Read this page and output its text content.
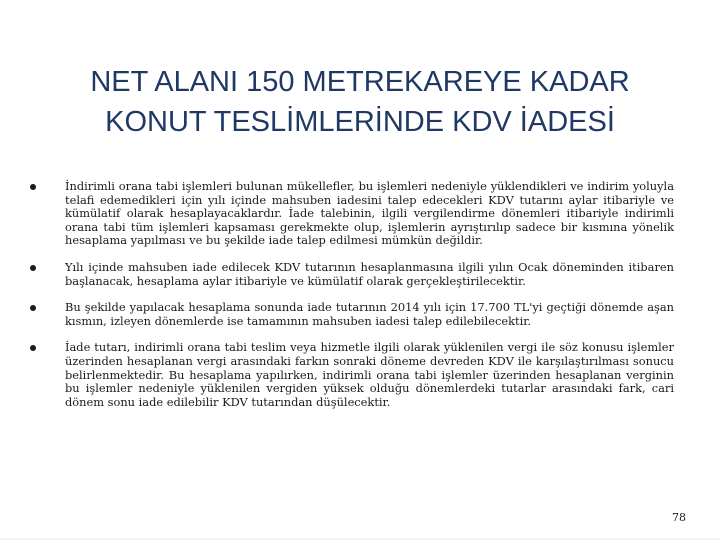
NET ALANI 150 METREKAREYE KADAR
KONUT TESLİMLERİNDE KDV İADESİ
İndirimli orana tabi işlemleri bulunan mükellefler, bu işlemleri nedeniyle yüklendikleri ve indirim yoluyla telafi edemedikleri için yılı içinde mahsuben iadesini talep edecekleri KDV tutarını aylar itibariyle ve kümülatif olarak hesaplayacaklardır. İade talebinin, ilgili vergilendirme dönemleri itibariyle indirimli orana tabi tüm işlemleri kapsaması gerekmekte olup, işlemlerin ayrıştırılıp sadece bir kısmına yönelik hesaplama yapılması ve bu şekilde iade talep edilmesi mümkün değildir.
Yılı içinde mahsuben iade edilecek KDV tutarının hesaplanmasına ilgili yılın Ocak döneminden itibaren başlanacak, hesaplama aylar itibariyle ve kümülatif olarak gerçekleştirilecektir.
Bu şekilde yapılacak hesaplama sonunda iade tutarının 2014 yılı için 17.700 TL'yi geçtiği dönemde aşan kısmın, izleyen dönemlerde ise tamamının mahsuben iadesi talep edilebilecektir.
İade tutarı, indirimli orana tabi teslim veya hizmetle ilgili olarak yüklenilen vergi ile söz konusu işlemler üzerinden hesaplanan vergi arasındaki farkın sonraki döneme devreden KDV ile karşılaştırılması sonucu belirlenmektedir. Bu hesaplama yapılırken, indirimli orana tabi işlemler üzerinden hesaplanan verginin bu işlemler nedeniyle yüklenilen vergiden yüksek olduğu dönemlerdeki tutarlar arasındaki fark, cari dönem sonu iade edilebilir KDV tutarından düşülecektir.
78
